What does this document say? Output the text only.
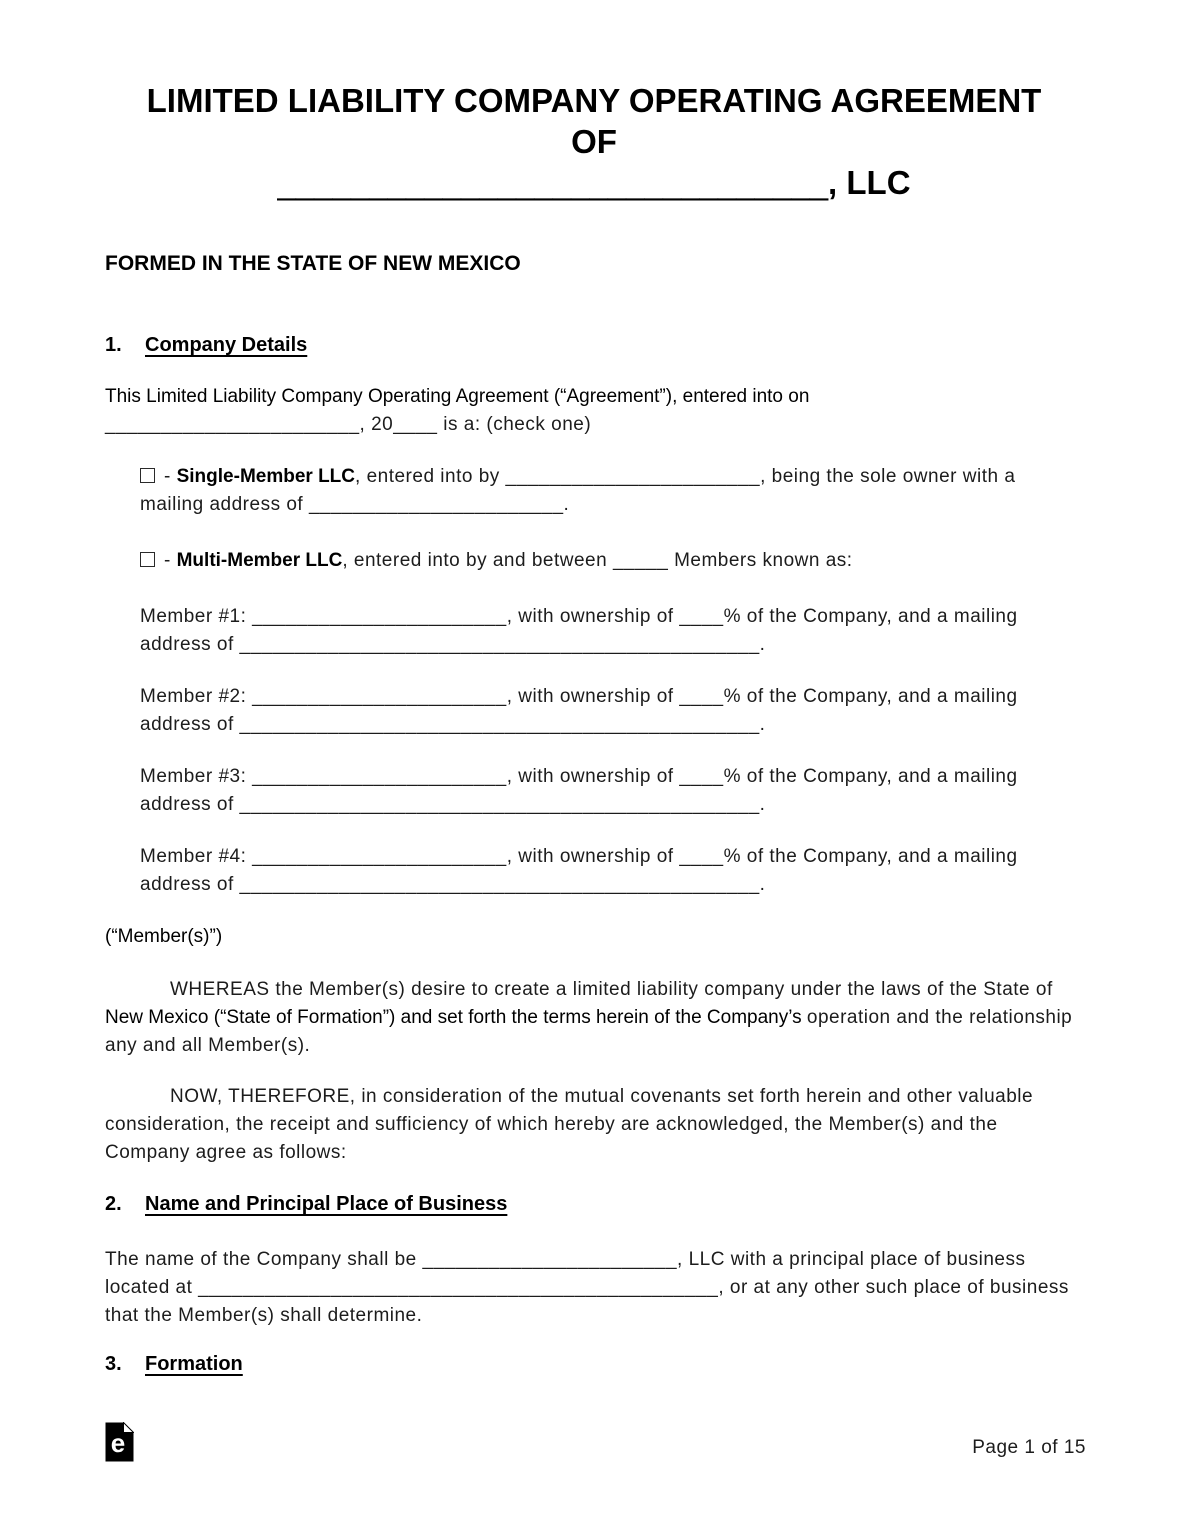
LIMITED LIABILITY COMPANY OPERATING AGREEMENT
OF
______________________________, LLC
FORMED IN THE STATE OF NEW MEXICO
1. Company Details

This Limited Liability Company Operating Agreement (“Agreement”), entered into on
_______________________, 20____ is a: (check one)

- Single-Member LLC, entered into by _______________________, being the sole owner with a mailing address of _______________________.

- Multi-Member LLC, entered into by and between _____ Members known as:

Member #1: _______________________, with ownership of ____% of the Company, and a mailing address of _______________________________________________.

Member #2: _______________________, with ownership of ____% of the Company, and a mailing address of _______________________________________________.

Member #3: _______________________, with ownership of ____% of the Company, and a mailing address of _______________________________________________.

Member #4: _______________________, with ownership of ____% of the Company, and a mailing address of _______________________________________________.

(“Member(s)”)

WHEREAS the Member(s) desire to create a limited liability company under the laws of the State of New Mexico (“State of Formation”) and set forth the terms herein of the Company’s operation and the relationship any and all Member(s).

NOW, THEREFORE, in consideration of the mutual covenants set forth herein and other valuable consideration, the receipt and sufficiency of which hereby are acknowledged, the Member(s) and the Company agree as follows:

2. Name and Principal Place of Business

The name of the Company shall be _______________________, LLC with a principal place of business located at _______________________________________________, or at any other such place of business that the Member(s) shall determine.

3. Formation
e	Page 1 of 15
